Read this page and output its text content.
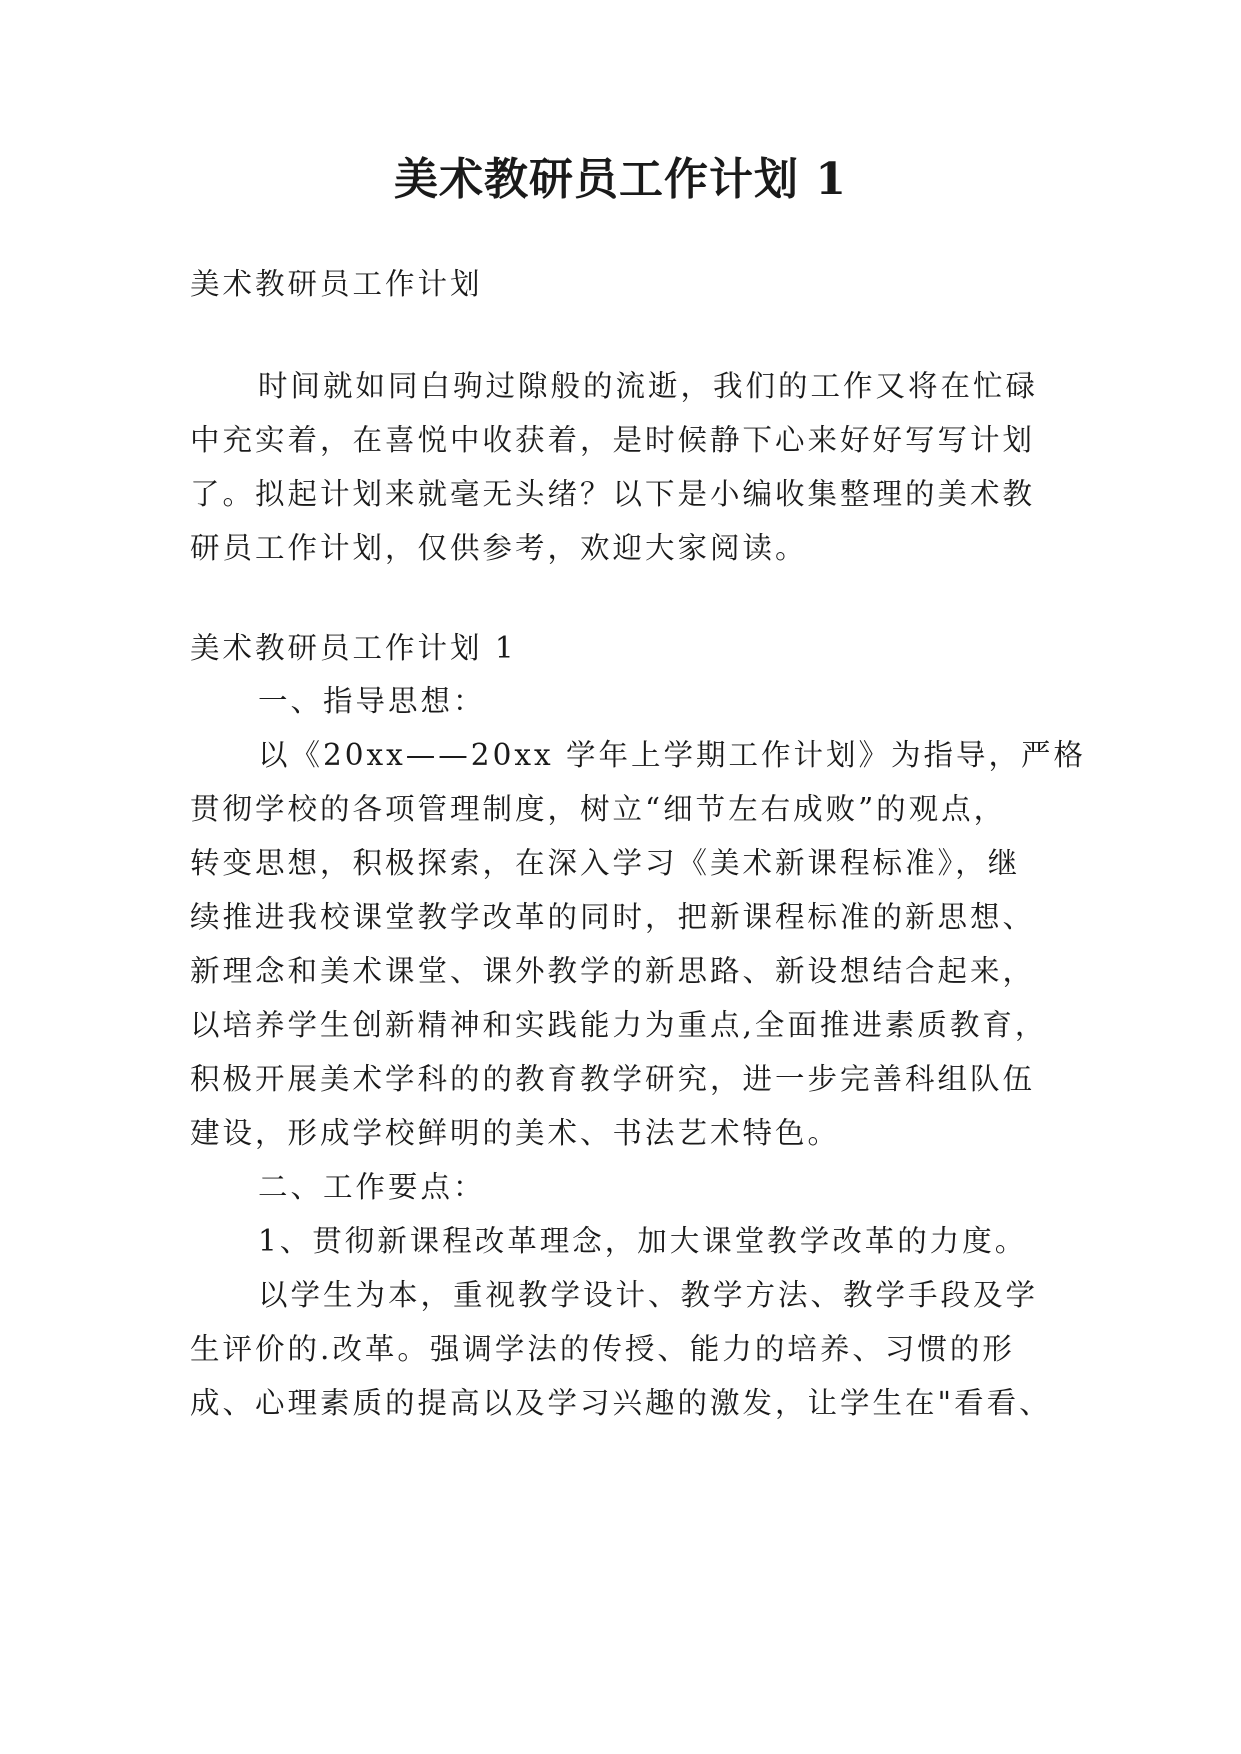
美术教研员工作计划 1
美术教研员工作计划
时间就如同白驹过隙般的流逝，我们的工作又将在忙碌
中充实着，在喜悦中收获着，是时候静下心来好好写写计划
了。拟起计划来就毫无头绪？以下是小编收集整理的美术教
研员工作计划，仅供参考，欢迎大家阅读。
美术教研员工作计划 1
一、指导思想：
以《20xx——20xx 学年上学期工作计划》为指导，严格
贯彻学校的各项管理制度，树立“细节左右成败”的观点，
转变思想，积极探索，在深入学习《美术新课程标准》，继
续推进我校课堂教学改革的同时，把新课程标准的新思想、
新理念和美术课堂、课外教学的新思路、新设想结合起来，
以培养学生创新精神和实践能力为重点,全面推进素质教育，
积极开展美术学科的的教育教学研究，进一步完善科组队伍
建设，形成学校鲜明的美术、书法艺术特色。
二、工作要点：
1、贯彻新课程改革理念，加大课堂教学改革的力度。
以学生为本，重视教学设计、教学方法、教学手段及学
生评价的.改革。强调学法的传授、能力的培养、习惯的形
成、心理素质的提高以及学习兴趣的激发，让学生在"看看、
